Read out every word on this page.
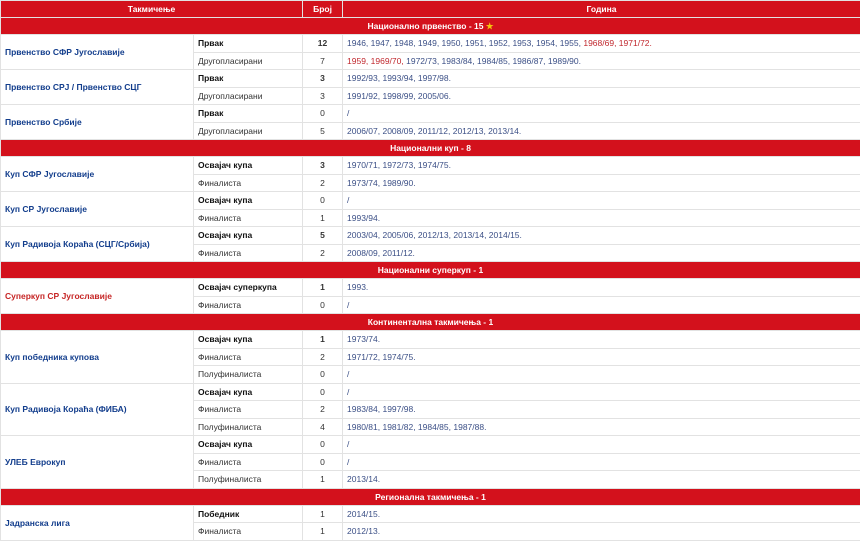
Такмичење		Број	Година
Национално првенство - 15 ★			
Првенство СФР Југославије	Првак	12	1946, 1947, 1948, 1949, 1950, 1951, 1952, 1953, 1954, 1955, 1968/69, 1971/72.
	Другопласирани	7	1959, 1969/70, 1972/73, 1983/84, 1984/85, 1986/87, 1989/90.
Првенство СРЈ / Првенство СЦГ	Првак	3	1992/93, 1993/94, 1997/98.
	Другопласирани	3	1991/92, 1998/99, 2005/06.
Првенство Србије	Првак	0	/
	Другопласирани	5	2006/07, 2008/09, 2011/12, 2012/13, 2013/14.
Национални куп - 8			
Куп СФР Југославије	Освајач купа	3	1970/71, 1972/73, 1974/75.
	Финалиста	2	1973/74, 1989/90.
Куп СР Југославије	Освајач купа	0	/
	Финалиста	1	1993/94.
Куп Радивоја Кораћа (СЦГ/Србија)	Освајач купа	5	2003/04, 2005/06, 2012/13, 2013/14, 2014/15.
	Финалиста	2	2008/09, 2011/12.
Национални суперкуп - 1			
Суперкуп СР Југославије	Освајач суперкупа	1	1993.
	Финалиста	0	/
Континентална такмичења - 1			
Куп победника купова	Освајач купа	1	1973/74.
	Финалиста	2	1971/72, 1974/75.
	Полуфиналиста	0	/
Куп Радивоја Кораћа (ФИБА)	Освајач купа	0	/
	Финалиста	2	1983/84, 1997/98.
	Полуфиналиста	4	1980/81, 1981/82, 1984/85, 1987/88.
УЛЕБ Еврокуп	Освајач купа	0	/
	Финалиста	0	/
	Полуфиналиста	1	2013/14.
Регионална такмичења - 1			
Јадранска лига	Победник	1	2014/15.
	Финалиста	1	2012/13.
